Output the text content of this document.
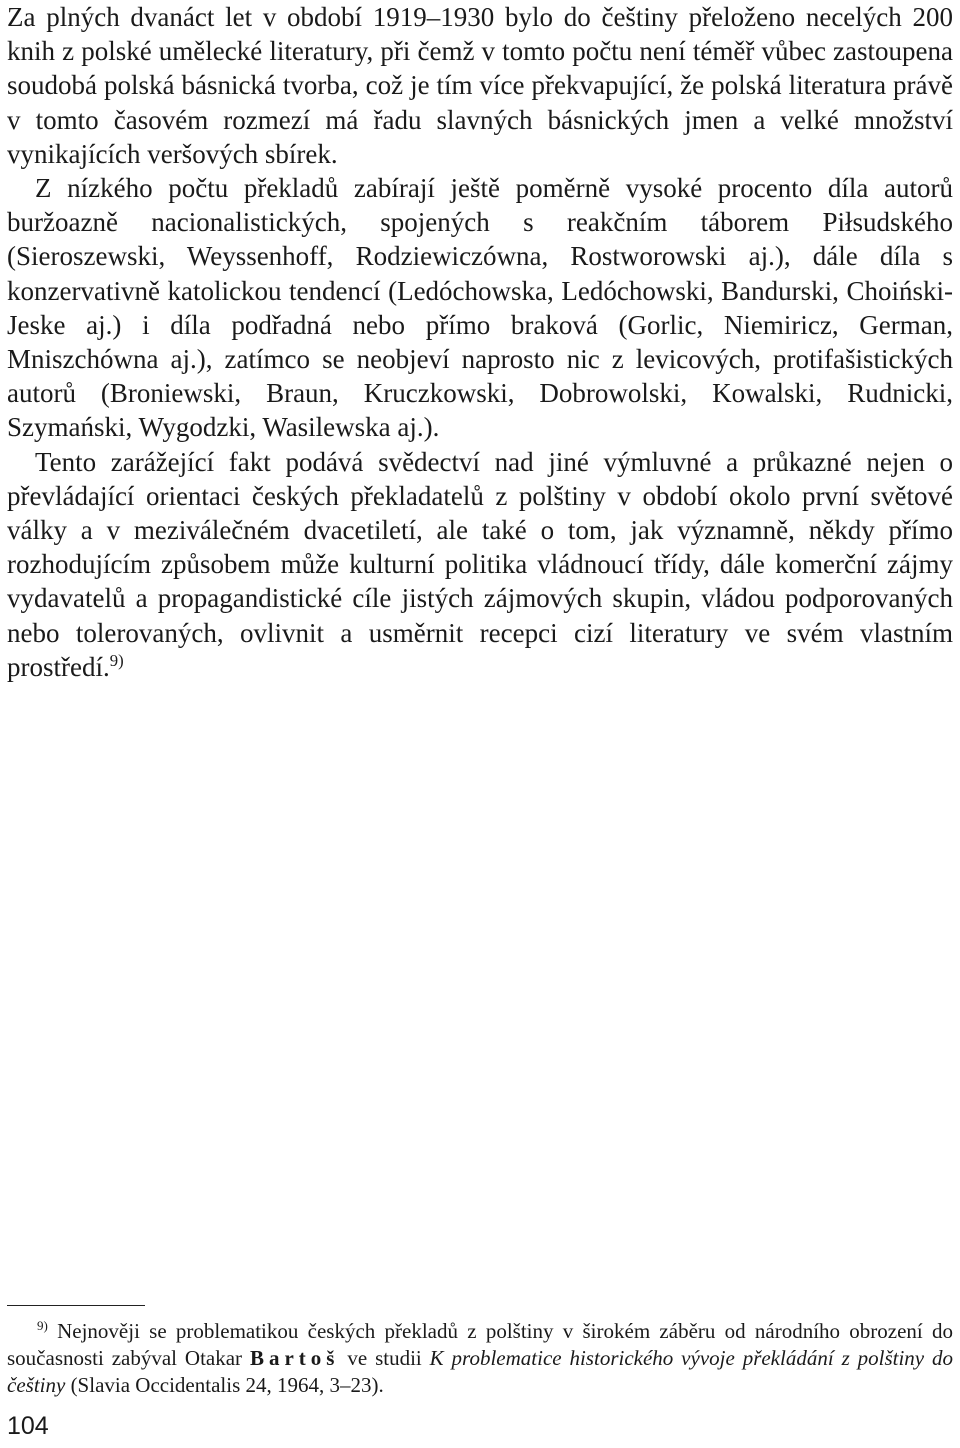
Za plných dvanáct let v období 1919–1930 bylo do češtiny přeloženo necelých 200 knih z polské umělecké literatury, při čemž v tomto počtu není téměř vůbec zastoupena soudobá polská básnická tvorba, což je tím více překvapující, že polská literatura právě v tomto časovém rozmezí má řadu slavných básnických jmen a velké množství vynikajících veršových sbírek.

Z nízkého počtu překladů zabírají ještě poměrně vysoké procento díla autorů buržoazně nacionalistických, spojených s reakčním táborem Piłsudského (Sieroszewski, Weyssenhoff, Rodziewiczówna, Rostworowski aj.), dále díla s konzervativně katolickou tendencí (Ledóchowska, Ledóchowski, Bandurski, Choiński-Jeske aj.) i díla podřadná nebo přímo braková (Gorlic, Niemiricz, German, Mniszchówna aj.), zatímco se neobjeví naprosto nic z levicových, protifašistických autorů (Broniewski, Braun, Kruczkowski, Dobrowolski, Kowalski, Rudnicki, Szymański, Wygodzki, Wasilewska aj.).

Tento zarážející fakt podává svědectví nad jiné výmluvné a průkazné nejen o převládající orientaci českých překladatelů z polštiny v období okolo první světové války a v meziválečném dvacetiletí, ale také o tom, jak významně, někdy přímo rozhodujícím způsobem může kulturní politika vládnoucí třídy, dále komerční zájmy vydavatelů a propagandistické cíle jistých zájmových skupin, vládou podporovaných nebo tolerovaných, ovlivnit a usměrnit recepci cizí literatury ve svém vlastním prostředí.$^{9)}$

$^{9)}$ Nejnověji se problematikou českých překladů z polštiny v širokém záběru od národního obrození do současnosti zabýval Otakar Bartoš ve studii K problematice historického vývoje překládání z polštiny do češtiny (Slavia Occidentalis 24, 1964, 3–23).
104
